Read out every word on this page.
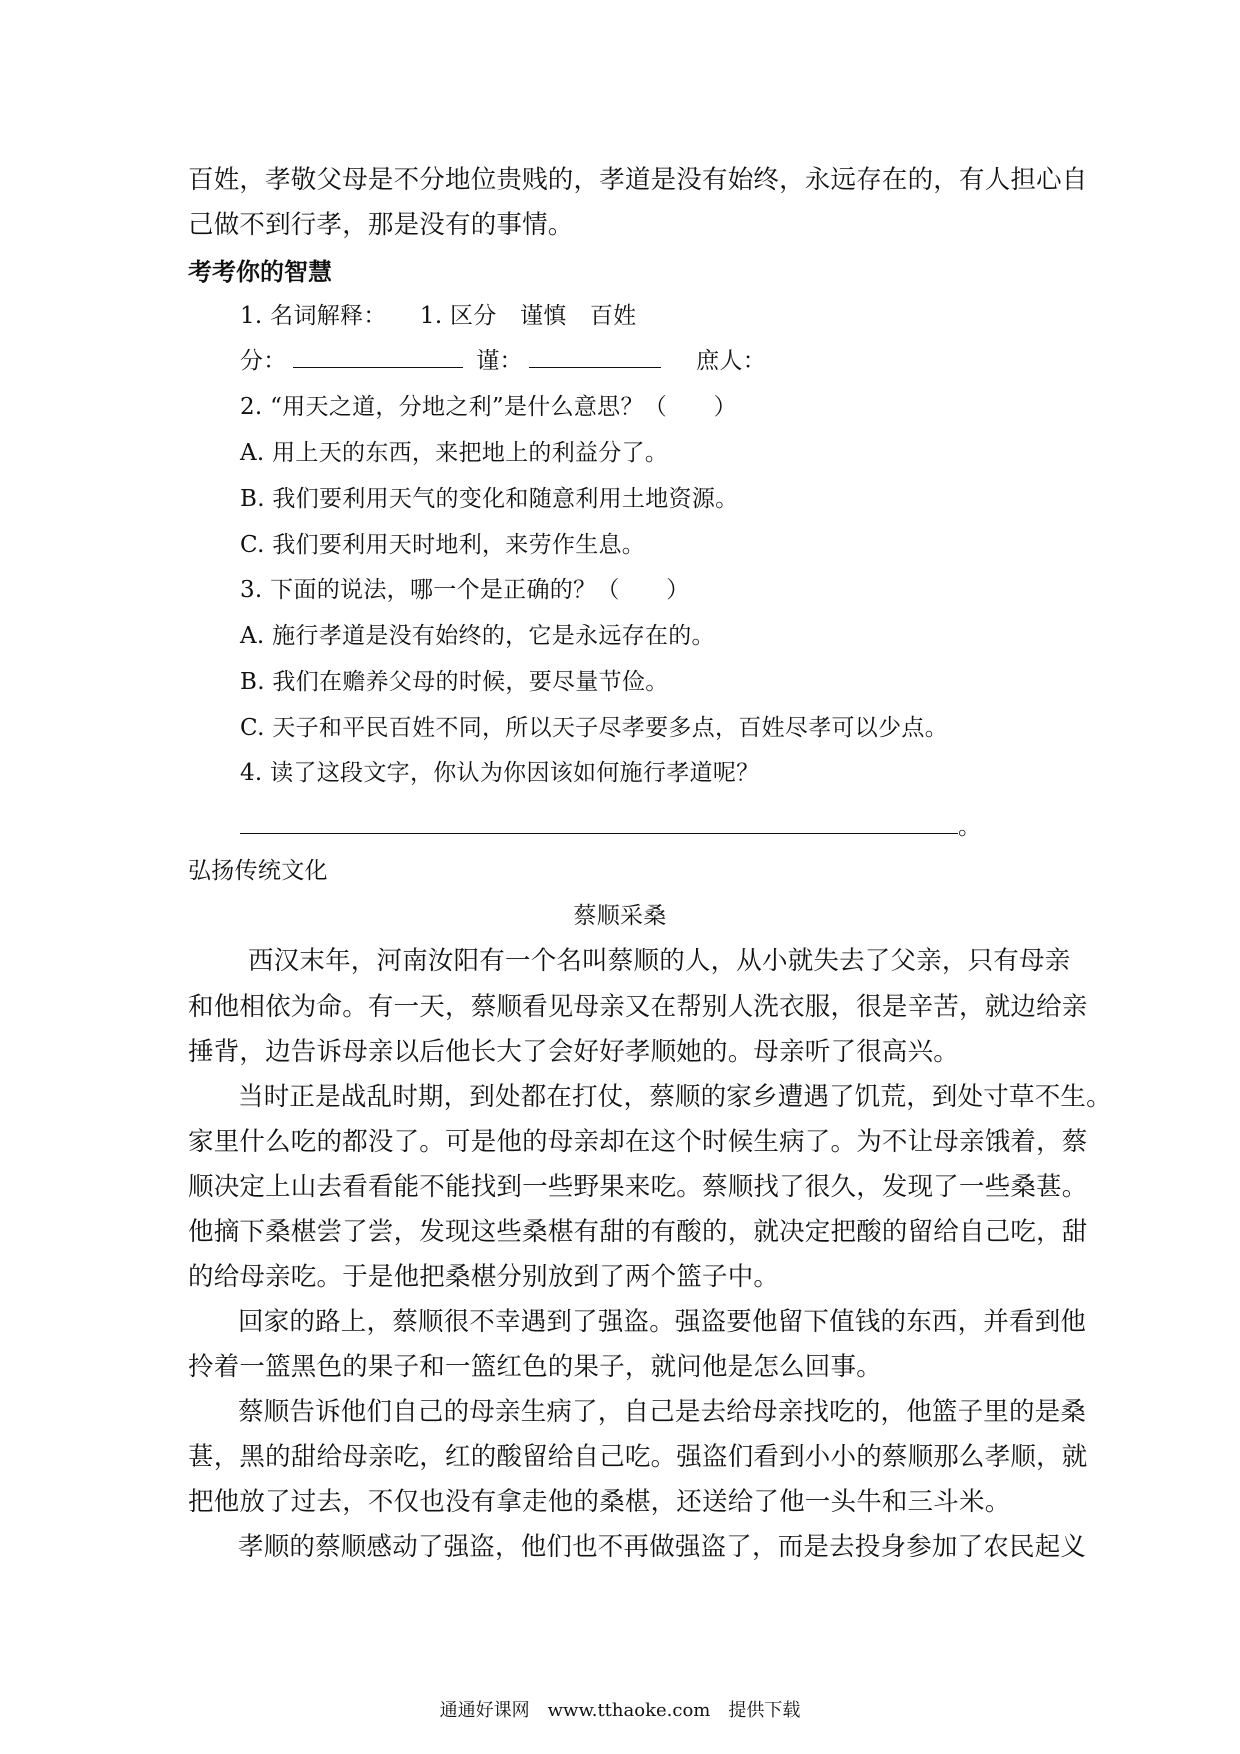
百姓，孝敬父母是不分地位贵贱的，孝道是没有始终，永远存在的，有人担心自
己做不到行孝，那是没有的事情。
考考你的智慧
1. 名词解释： 1. 区分　谨慎　百姓
分：	谨：	庶人：
2. “用天之道，分地之利”是什么意思？（　　）
A. 用上天的东西，来把地上的利益分了。
B. 我们要利用天气的变化和随意利用土地资源。
C. 我们要利用天时地利，来劳作生息。
3. 下面的说法，哪一个是正确的？（　　）
A. 施行孝道是没有始终的，它是永远存在的。
B. 我们在赡养父母的时候，要尽量节俭。
C. 天子和平民百姓不同，所以天子尽孝要多点，百姓尽孝可以少点。
4. 读了这段文字，你认为你因该如何施行孝道呢？
。
弘扬传统文化
蔡顺采桑
西汉末年，河南汝阳有一个名叫蔡顺的人，从小就失去了父亲，只有母亲
和他相依为命。有一天，蔡顺看见母亲又在帮别人洗衣服，很是辛苦，就边给亲
捶背，边告诉母亲以后他长大了会好好孝顺她的。母亲听了很高兴。
当时正是战乱时期，到处都在打仗，蔡顺的家乡遭遇了饥荒，到处寸草不生。
家里什么吃的都没了。可是他的母亲却在这个时候生病了。为不让母亲饿着，蔡
顺决定上山去看看能不能找到一些野果来吃。蔡顺找了很久，发现了一些桑葚。
他摘下桑椹尝了尝，发现这些桑椹有甜的有酸的，就决定把酸的留给自己吃，甜
的给母亲吃。于是他把桑椹分别放到了两个篮子中。
回家的路上，蔡顺很不幸遇到了强盗。强盗要他留下值钱的东西，并看到他
拎着一篮黑色的果子和一篮红色的果子，就问他是怎么回事。
蔡顺告诉他们自己的母亲生病了，自己是去给母亲找吃的，他篮子里的是桑
葚，黑的甜给母亲吃，红的酸留给自己吃。强盗们看到小小的蔡顺那么孝顺，就
把他放了过去，不仅也没有拿走他的桑椹，还送给了他一头牛和三斗米。
孝顺的蔡顺感动了强盗，他们也不再做强盗了，而是去投身参加了农民起义
通通好课网　www.tthaoke.com　提供下载
